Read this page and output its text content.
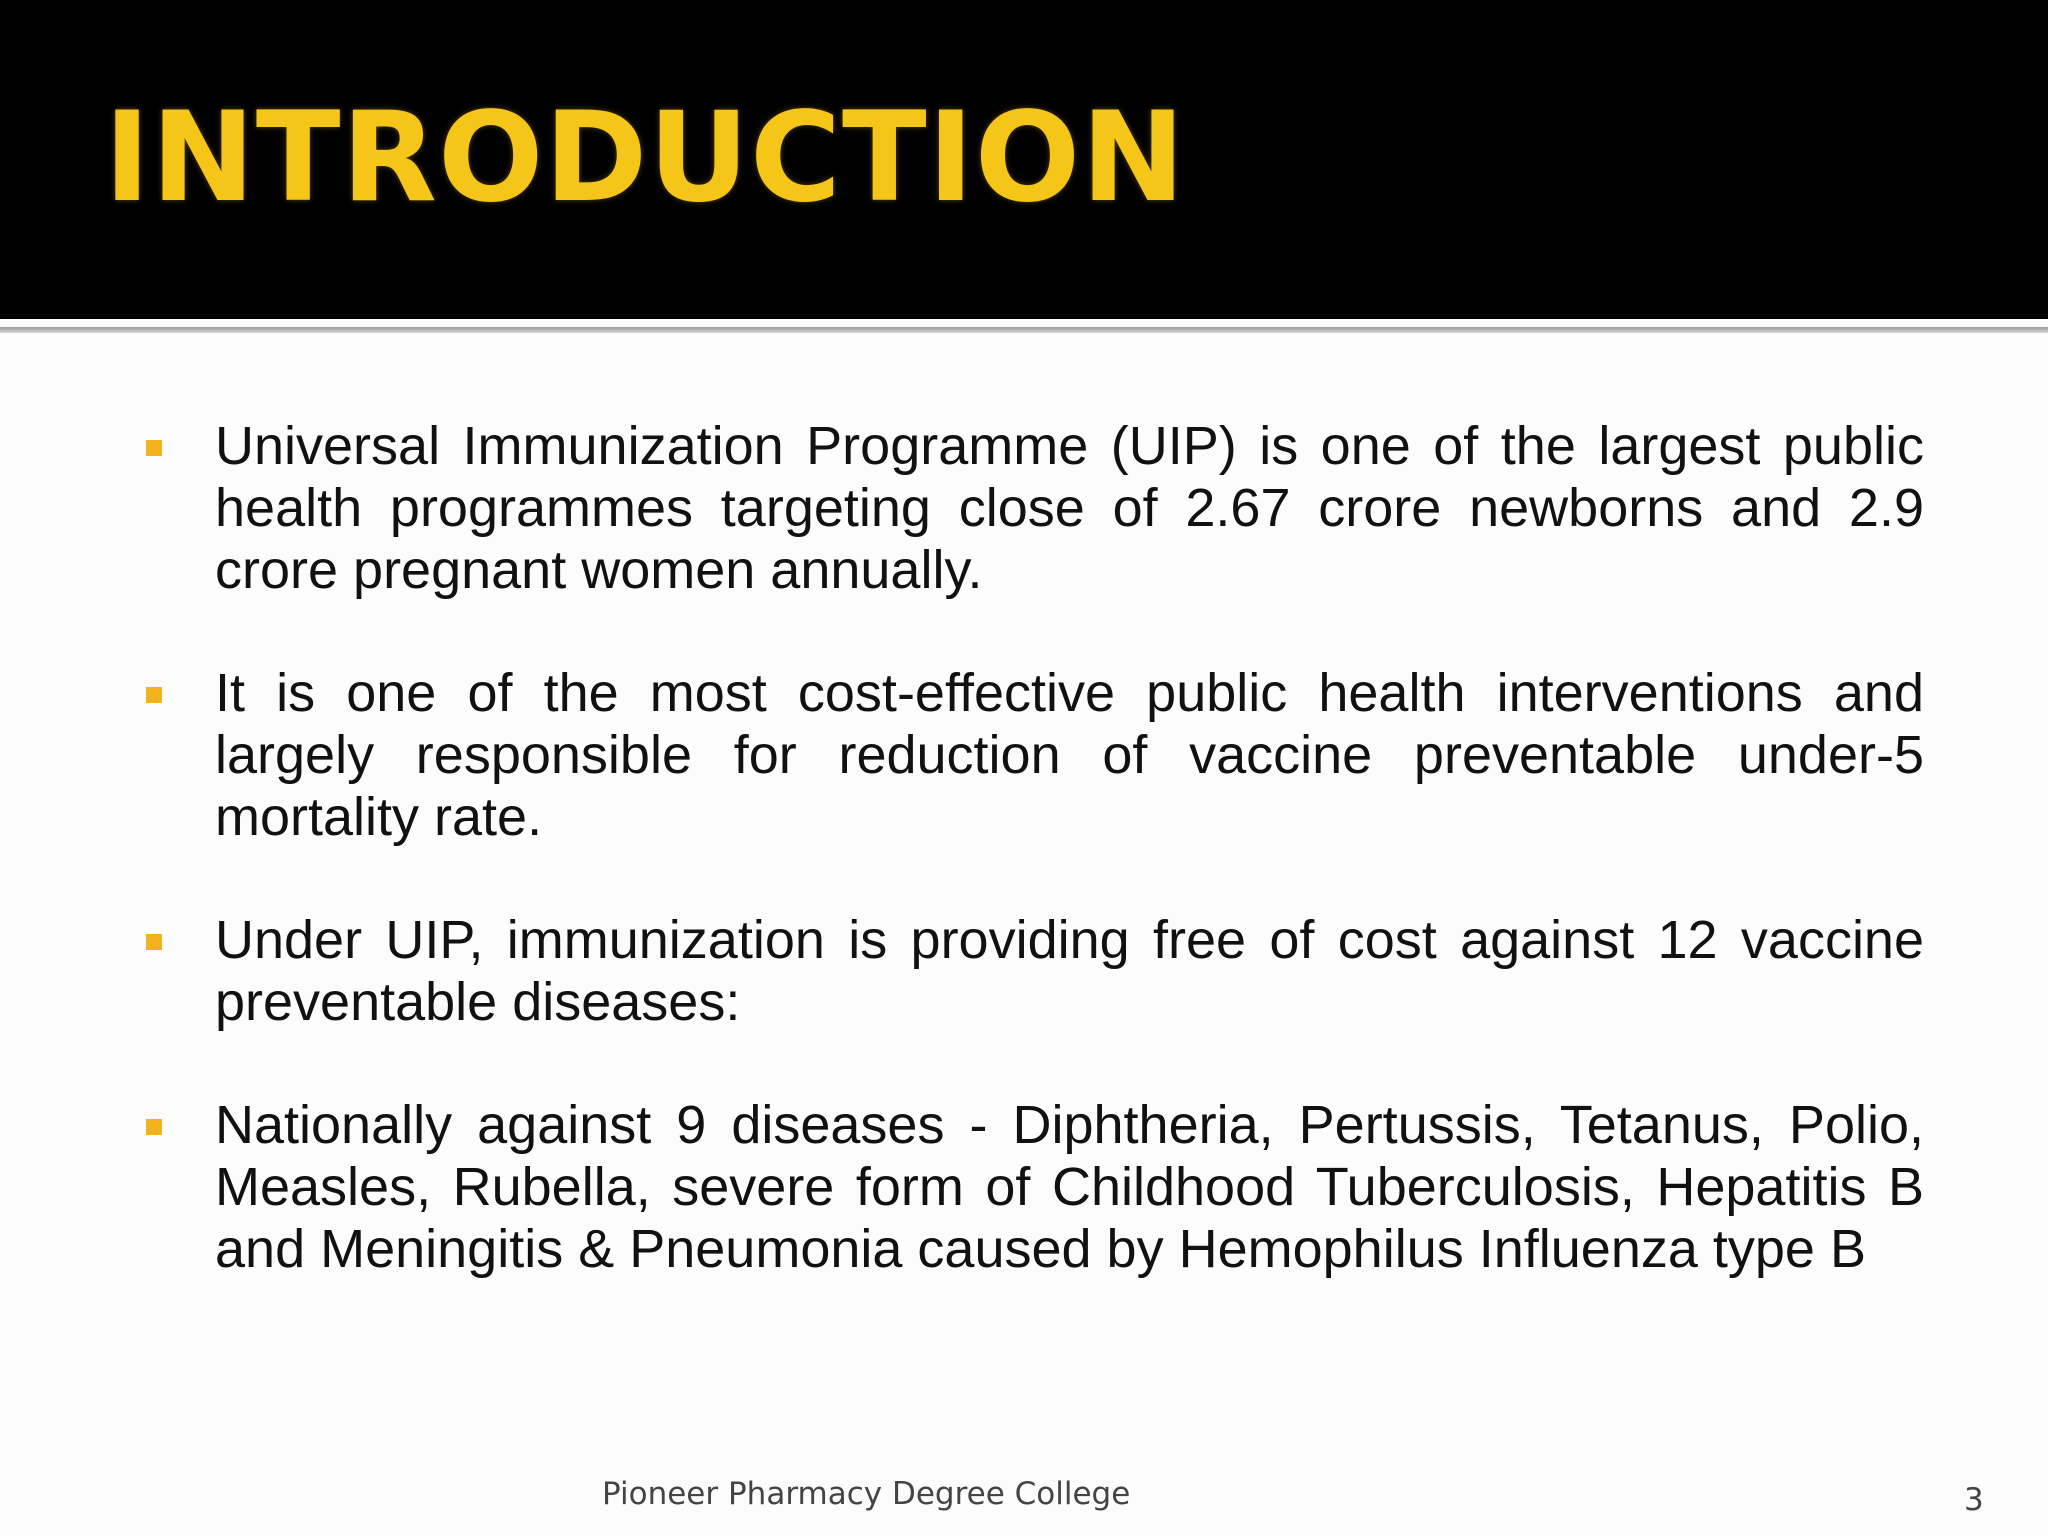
INTRODUCTION
Universal Immunization Programme (UIP) is one of the largest public health programmes targeting close of 2.67 crore newborns and 2.9 crore pregnant women annually.
It is one of the most cost-effective public health interventions and largely responsible for reduction of vaccine preventable under-5 mortality rate.
Under UIP, immunization is providing free of cost against 12 vaccine preventable diseases:
Nationally against 9 diseases - Diphtheria, Pertussis, Tetanus, Polio, Measles, Rubella, severe form of Childhood Tuberculosis, Hepatitis B and Meningitis & Pneumonia caused by Hemophilus Influenza type B
Pioneer Pharmacy Degree College	3
